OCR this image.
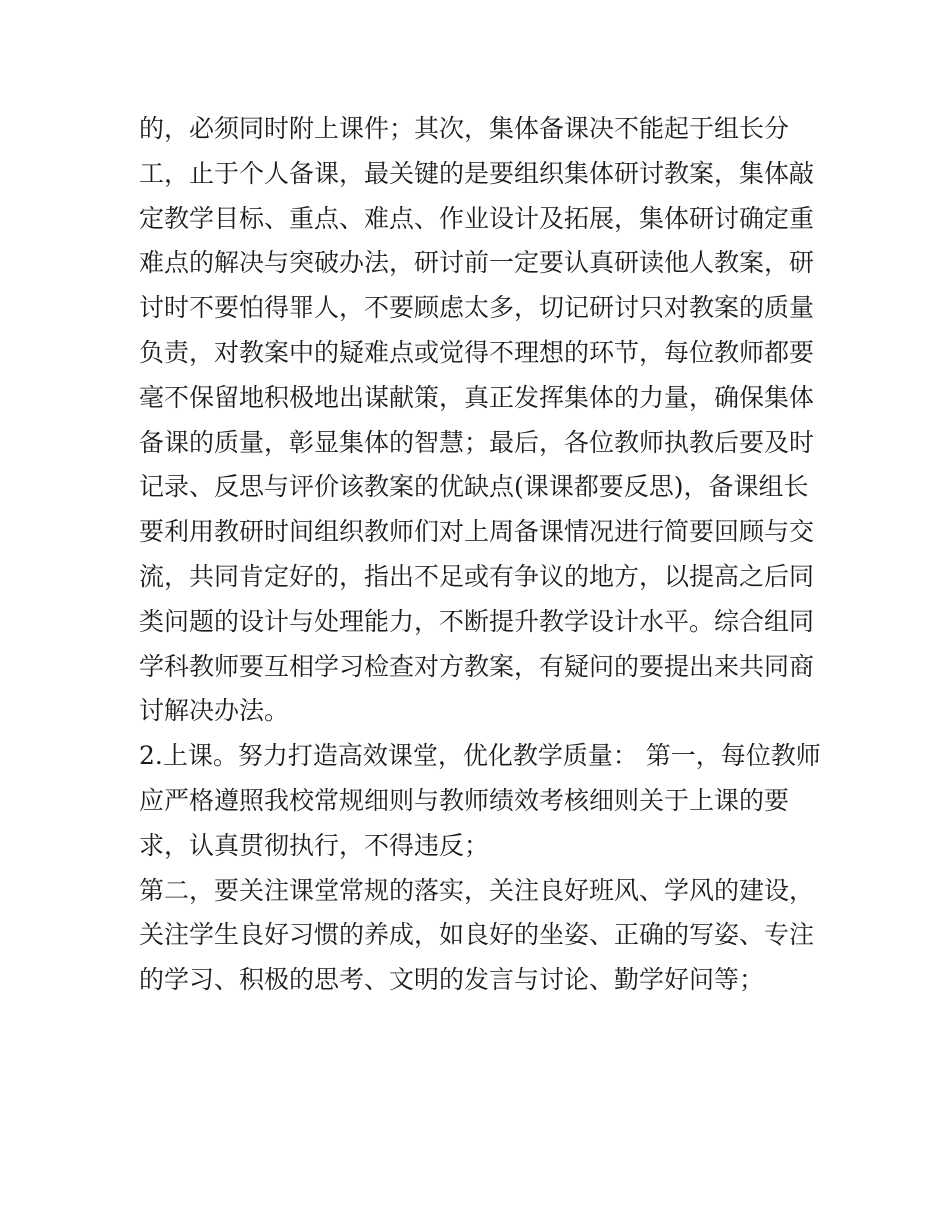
的，必须同时附上课件；其次，集体备课决不能起于组长分
工，止于个人备课，最关键的是要组织集体研讨教案，集体敲
定教学目标、重点、难点、作业设计及拓展，集体研讨确定重
难点的解决与突破办法，研讨前一定要认真研读他人教案，研
讨时不要怕得罪人，不要顾虑太多，切记研讨只对教案的质量
负责，对教案中的疑难点或觉得不理想的环节，每位教师都要
毫不保留地积极地出谋献策，真正发挥集体的力量，确保集体
备课的质量，彰显集体的智慧；最后，各位教师执教后要及时
记录、反思与评价该教案的优缺点(课课都要反思)，备课组长
要利用教研时间组织教师们对上周备课情况进行简要回顾与交
流，共同肯定好的，指出不足或有争议的地方，以提高之后同
类问题的设计与处理能力，不断提升教学设计水平。综合组同
学科教师要互相学习检查对方教案，有疑问的要提出来共同商
讨解决办法。
2.上课。努力打造高效课堂，优化教学质量： 第一，每位教师
应严格遵照我校常规细则与教师绩效考核细则关于上课的要
求，认真贯彻执行，不得违反；
第二，要关注课堂常规的落实，关注良好班风、学风的建设，
关注学生良好习惯的养成，如良好的坐姿、正确的写姿、专注
的学习、积极的思考、文明的发言与讨论、勤学好问等；
